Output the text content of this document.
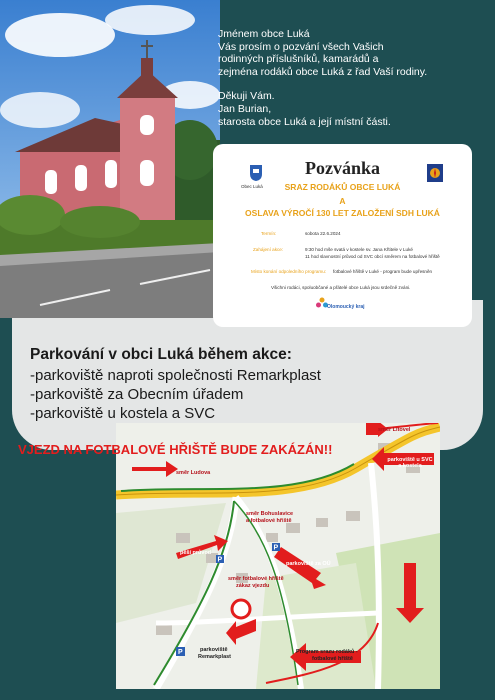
Jménem obce Luká

Vás prosím o pozvání všech Vašich

rodinných příslušníků, kamarádů a

zejména rodáků obce Luká z řad Vaší rodiny.

Děkuji Vám.

Jan Burian,

starosta obce Luká a její místní části.

Obec Luká
Pozvánka
SRAZ RODÁKŮ OBCE LUKÁ
A
OSLAVA VÝROČÍ 130 LET ZALOŽENÍ SDH LUKÁ
Termín:	sobota 22.6.2024
Zahájení akce:	9:30 hod mše svatá v kostele sv. Jana Křtitele v Luké
11 hod slavnostní průvod od SVC obcí směrem na fotbalové hřiště
Místo konání odpoledního programu: fotbalové hřiště v Luké - program bude upřesněn
Všichni rodáci, spoluobčané a přátelé obce Luká jsou srdečně zváni.
Olomoucký kraj
Parkování v obci Luká během akce:
-parkoviště naproti společnosti Remarkplast
-parkoviště za Obecním úřadem
-parkoviště u kostela a SVC
P
P
P
směr Ludova
směr Litovel
směr Bohuslavice
a fotbalové hřiště
parkoviště u SVC a kostela
pěší průvod
parkoviště za OÚ
směr fotbalové hřiště
zákaz vjezdu
parkoviště
Remarkplast
Program srazu rodáků -
fotbalové hřiště
VJEZD NA FOTBALOVÉ HŘIŠTĚ BUDE ZAKÁZÁN!!
